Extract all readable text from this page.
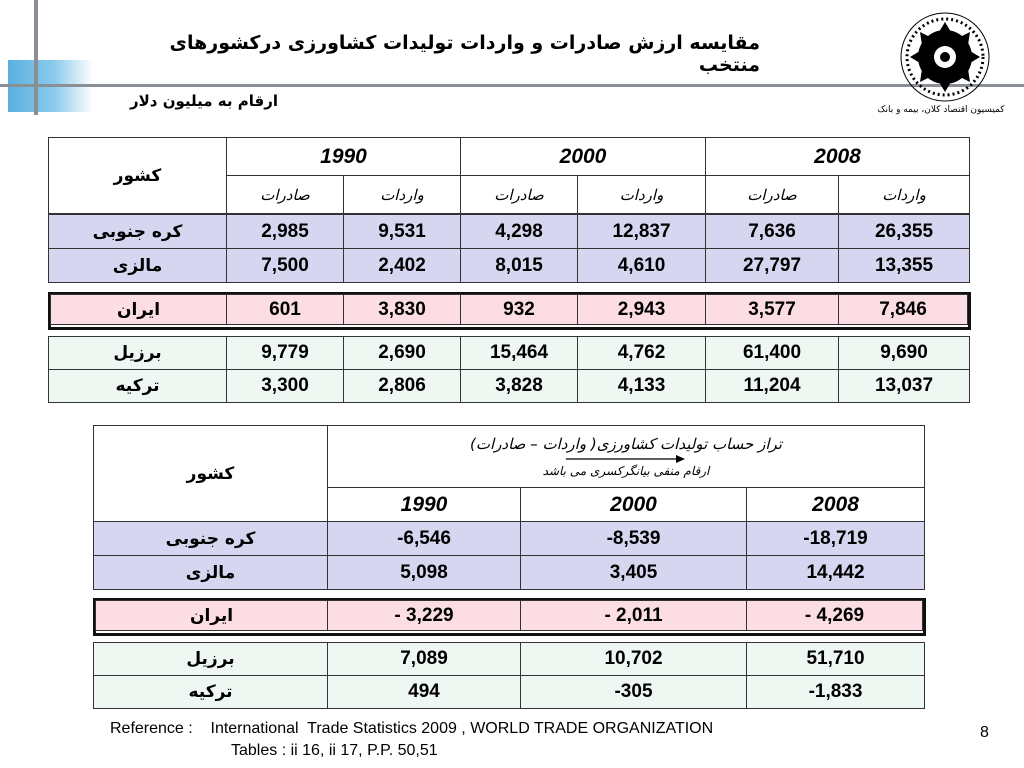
مقایسه ارزش صادرات و واردات تولیدات کشاورزی درکشورهای منتخب
ارقام به میلیون دلار	کمیسیون اقتصاد کلان، بیمه و بانک
کشور	1990		2000		2008	
	صادرات	واردات	صادرات	واردات	صادرات	واردات
کره جنوبی	2,985	9,531	4,298	12,837	7,636	26,355
مالزی	7,500	2,402	8,015	4,610	27,797	13,355
ایران	601	3,830	932	2,943	3,577	7,846
برزیل	9,779	2,690	15,464	4,762	61,400	9,690
ترکیه	3,300	2,806	3,828	4,133	11,204	13,037
کشور	تراز حساب تولیدات کشاورزی( واردات – صادرات)
ارقام منفی بیانگرکسری می باشد		

	1990	2000	2008
کره جنوبی	-6,546	-8,539	-18,719
مالزی	5,098	3,405	14,442
ایران	- 3,229	- 2,011	- 4,269
برزیل	7,089	10,702	51,710
ترکیه	494	-305	-1,833
Reference :    International  Trade Statistics 2009 , WORLD TRADE ORGANIZATION
Tables : ii 16, ii 17, P.P. 50,51
8
